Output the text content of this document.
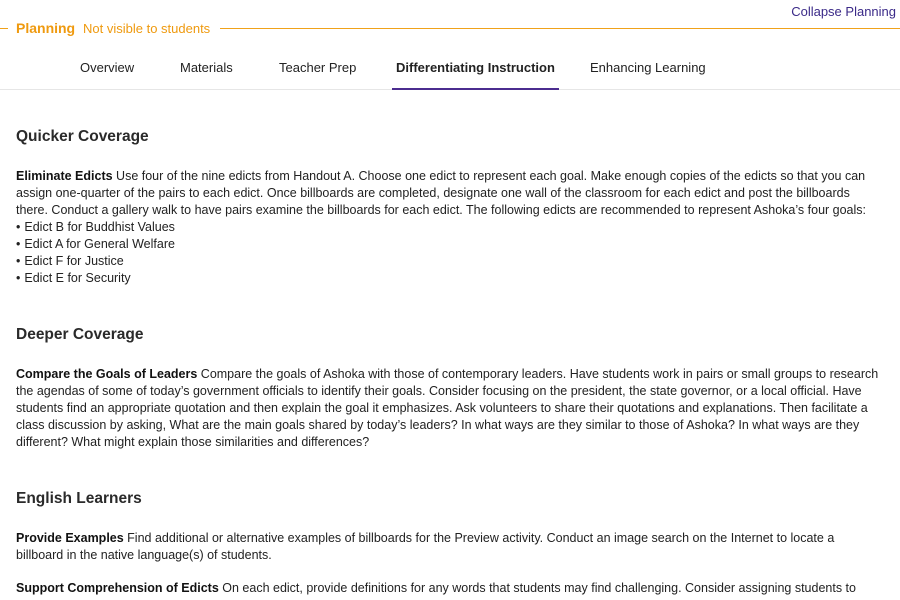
Collapse Planning
Planning Not visible to students
Overview	Materials	Teacher Prep	Differentiating Instruction	Enhancing Learning
Quicker Coverage

Eliminate Edicts Use four of the nine edicts from Handout A. Choose one edict to represent each goal. Make enough copies of the edicts so that you can assign one-quarter of the pairs to each edict. Once billboards are completed, designate one wall of the classroom for each edict and post the billboards there. Conduct a gallery walk to have pairs examine the billboards for each edict. The following edicts are recommended to represent Ashoka’s four goals:

• Edict B for Buddhist Values
• Edict A for General Welfare
• Edict F for Justice
• Edict E for Security
Deeper Coverage

Compare the Goals of Leaders Compare the goals of Ashoka with those of contemporary leaders. Have students work in pairs or small groups to research the agendas of some of today’s government officials to identify their goals. Consider focusing on the president, the state governor, or a local official. Have students find an appropriate quotation and then explain the goal it emphasizes. Ask volunteers to share their quotations and explanations. Then facilitate a class discussion by asking, What are the main goals shared by today’s leaders? In what ways are they similar to those of Ashoka? In what ways are they different? What might explain those similarities and differences?

English Learners

Provide Examples Find additional or alternative examples of billboards for the Preview activity. Conduct an image search on the Internet to locate a billboard in the native language(s) of students.

Support Comprehension of Edicts On each edict, provide definitions for any words that students may find challenging. Consider assigning students to
